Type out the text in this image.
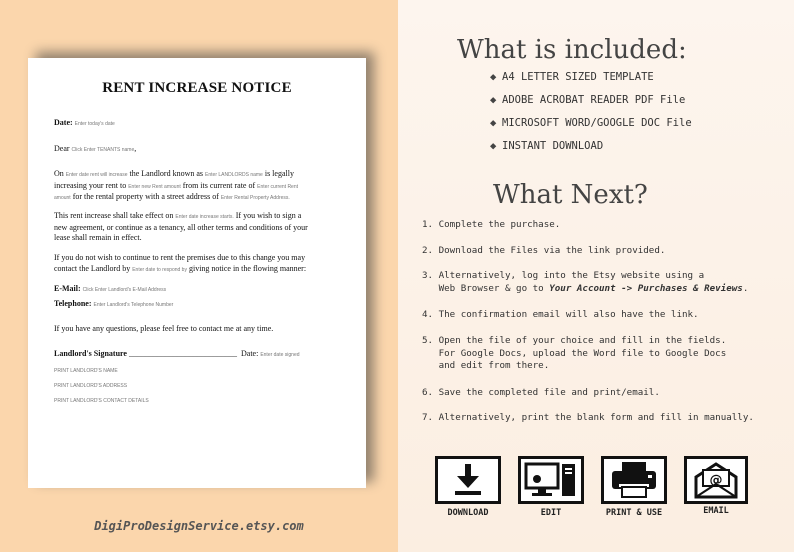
RENT INCREASE NOTICE
Date: Enter today's date
Dear Click Enter TENANTS name,
On Enter date rent will increase the Landlord known as Enter LANDLORDS name is legally
increasing your rent to Enter new Rent amount from its current rate of Enter current Rent
amount for the rental property with a street address of Enter Rental Property Address.
This rent increase shall take effect on Enter date increase starts. If you wish to sign a
new agreement, or continue as a tenancy, all other terms and conditions of your
lease shall remain in effect.
If you do not wish to continue to rent the premises due to this change you may
contact the Landlord by Enter date to respond by giving notice in the flowing manner:
E-Mail: Click Enter Landlord's E-Mail Address
Telephone: Enter Landlord's Telephone Number
If you have any questions, please feel free to contact me at any time.
Landlord's Signature ___________________________ Date: Enter date signed
PRINT LANDLORD'S NAME
PRINT LANDLORD'S ADDRESS
PRINT LANDLORD'S CONTACT DETAILS
DigiProDesignService.etsy.com
What is included:
◆ A4 LETTER SIZED TEMPLATE
◆ ADOBE ACROBAT READER PDF File
◆ MICROSOFT WORD/GOOGLE DOC File
◆ INSTANT DOWNLOAD
What Next?
1. Complete the purchase.
2. Download the Files via the link provided.
3. Alternatively, log into the Etsy website using a
Web Browser & go to Your Account -> Purchases & Reviews.
4. The confirmation email will also have the link.
5. Open the file of your choice and fill in the fields.
For Google Docs, upload the Word file to Google Docs
and edit from there.
6. Save the completed file and print/email.
7. Alternatively, print the blank form and fill in manually.
DOWNLOAD	EDIT	PRINT & USE
@
EMAIL
